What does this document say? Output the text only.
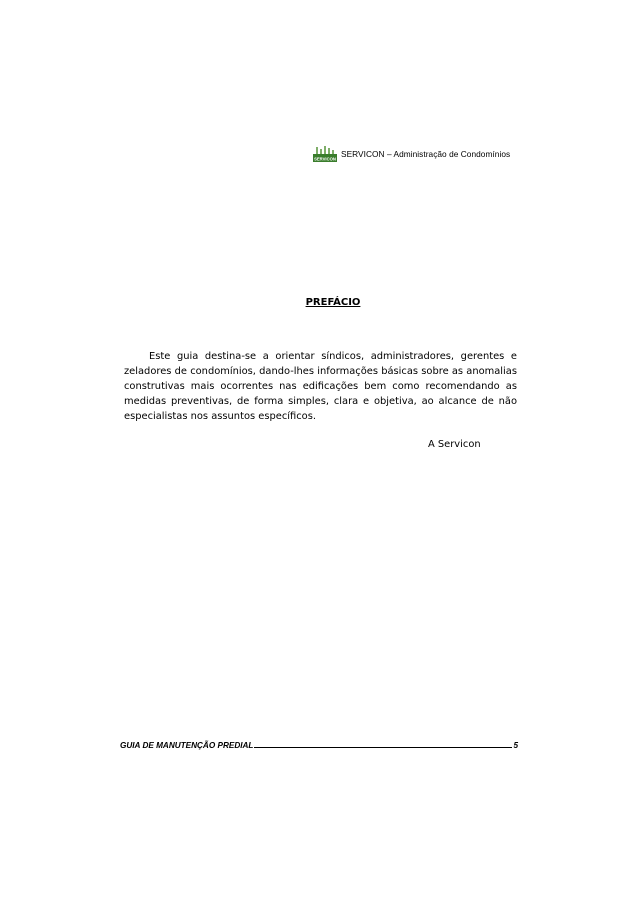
SERVICON SERVICON – Administração de Condomínios
PREFÁCIO

Este guia destina-se a orientar síndicos, administradores, gerentes e zeladores de condomínios, dando-lhes informações básicas sobre as anomalias construtivas mais ocorrentes nas edificações bem como recomendando as medidas preventivas, de forma simples, clara e objetiva, ao alcance de não especialistas nos assuntos específicos.

A Servicon
GUIA DE MANUTENÇÃO PREDIAL	5
